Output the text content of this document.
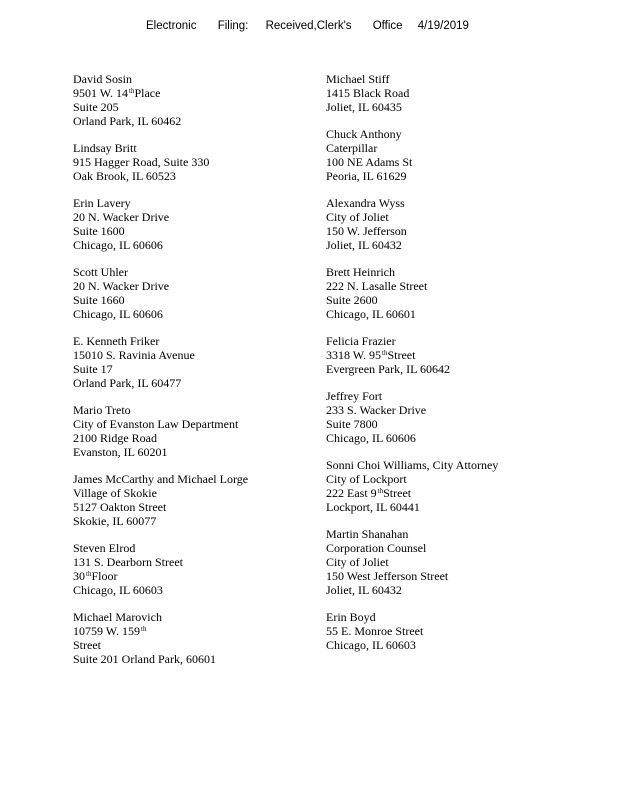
Electronic Filing: Received,Clerk's Office 4/19/2019
David Sosin
9501 W. 14thPlace
Suite 205
Orland Park, IL 60462
Lindsay Britt
915 Hagger Road, Suite 330
Oak Brook, IL 60523
Erin Lavery
20 N. Wacker Drive
Suite 1600
Chicago, IL 60606
Scott Uhler
20 N. Wacker Drive
Suite 1660
Chicago, IL 60606
E. Kenneth Friker
15010 S. Ravinia Avenue
Suite 17
Orland Park, IL 60477
Mario Treto
City of Evanston Law Department
2100 Ridge Road
Evanston, IL 60201
James McCarthy and Michael Lorge
Village of Skokie
5127 Oakton Street
Skokie, IL 60077
Steven Elrod
131 S. Dearborn Street
30thFloor
Chicago, IL 60603
Michael Marovich
10759 W. 159th
Street
Suite 201 Orland Park, 60601
Michael Stiff
1415 Black Road
Joliet, IL 60435
Chuck Anthony
Caterpillar
100 NE Adams St
Peoria, IL 61629
Alexandra Wyss
City of Joliet
150 W. Jefferson
Joliet, IL 60432
Brett Heinrich
222 N. Lasalle Street
Suite 2600
Chicago, IL 60601
Felicia Frazier
3318 W. 95thStreet
Evergreen Park, IL 60642
Jeffrey Fort
233 S. Wacker Drive
Suite 7800
Chicago, IL 60606
Sonni Choi Williams, City Attorney
City of Lockport
222 East 9thStreet
Lockport, IL 60441
Martin Shanahan
Corporation Counsel
City of Joliet
150 West Jefferson Street
Joliet, IL 60432
Erin Boyd
55 E. Monroe Street
Chicago, IL 60603
